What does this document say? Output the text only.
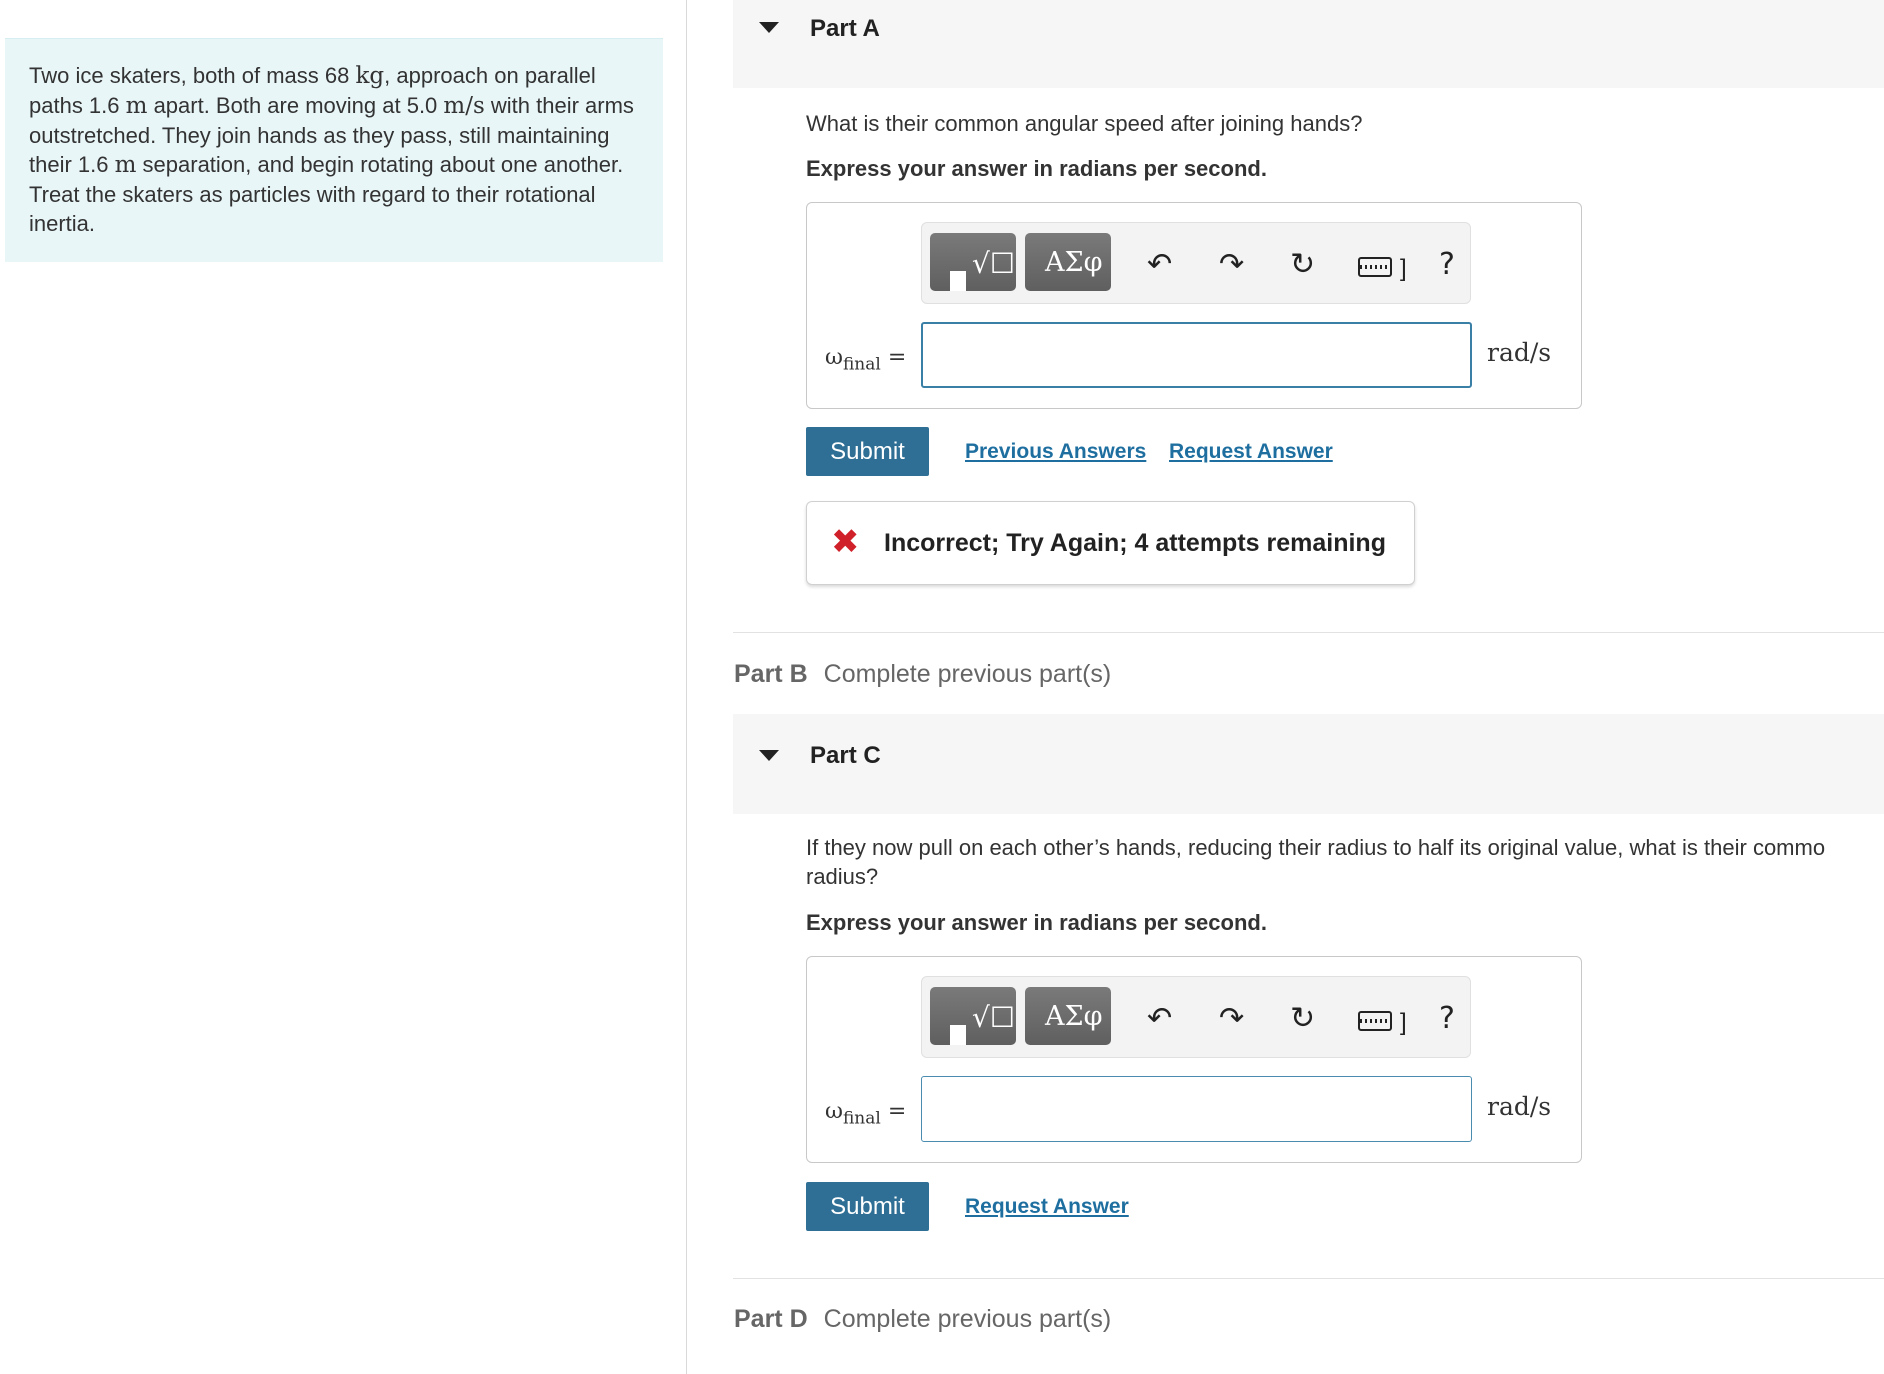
Two ice skaters, both of mass 68 kg, approach on parallel paths 1.6 m apart. Both are moving at 5.0 m/s with their arms outstretched. They join hands as they pass, still maintaining their 1.6 m separation, and begin rotating about one another. Treat the skaters as particles with regard to their rotational inertia.

Part A

What is their common angular speed after joining hands?

Express your answer in radians per second.

√☐ ΑΣφ ↶ ↷ ↻	] ?
$\omega_{final}$ =	rad/s
Submit	Previous Answers Request Answer
✖ Incorrect; Try Again; 4 attempts remaining
Part B Complete previous part(s)
Part C

If they now pull on each other’s hands, reducing their radius to half its original value, what is their commo
radius?

Express your answer in radians per second.

√☐ ΑΣφ ↶ ↷ ↻	] ?
$\omega_{final}$ =	rad/s
Submit	Request Answer
Part D Complete previous part(s)
